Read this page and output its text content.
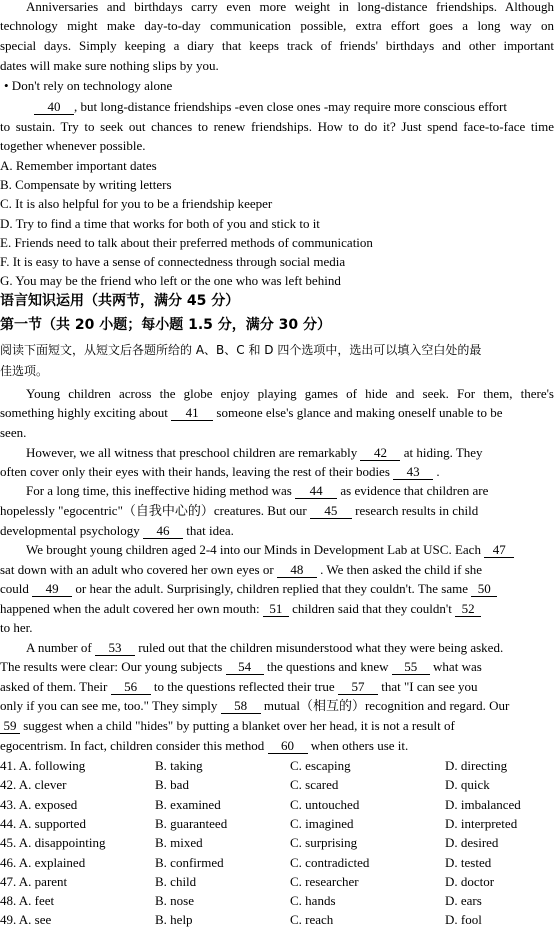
Anniversaries and birthdays carry even more weight in long-distance friendships. Although
technology might make day-to-day communication possible, extra effort goes a long way on
special days. Simply keeping a diary that keeps track of friends' birthdays and other important
dates will make sure nothing slips by you.
• Don't rely on technology alone
40 , but long-distance friendships -even close ones -may require more conscious effort
to sustain. Try to seek out chances to renew friendships. How to do it? Just spend face-to-face time
together whenever possible.
A. Remember important dates
B. Compensate by writing letters
C. It is also helpful for you to be a friendship keeper
D. Try to find a time that works for both of you and stick to it
E. Friends need to talk about their preferred methods of communication
F. It is easy to have a sense of connectedness through social media
G. You may be the friend who left or the one who was left behind
语言知识运用（共两节，满分 45 分）
第一节（共 20 小题；每小题 1.5 分，满分 30 分）
阅读下面短文，从短文后各题所给的 A、B、C 和 D 四个选项中，选出可以填入空白处的最
佳选项。
Young children across the globe enjoy playing games of hide and seek. For them, there's
something highly exciting about 41 someone else's glance and making oneself unable to be
seen.
However, we all witness that preschool children are remarkably 42 at hiding. They
often cover only their eyes with their hands, leaving the rest of their bodies 43 .
For a long time, this ineffective hiding method was 44 as evidence that children are
hopelessly "egocentric"（自我中心的）creatures. But our 45 research results in child
developmental psychology 46 that idea.
We brought young children aged 2-4 into our Minds in Development Lab at USC. Each 47
sat down with an adult who covered her own eyes or 48 . We then asked the child if she
could 49 or hear the adult. Surprisingly, children replied that they couldn't. The same 50
happened when the adult covered her own mouth: 51 children said that they couldn't 52
to her.
A number of 53 ruled out that the children misunderstood what they were being asked.
The results were clear: Our young subjects 54 the questions and knew 55 what was
asked of them. Their 56 to the questions reflected their true 57 that "I can see you
only if you can see me, too." They simply 58 mutual（相互的）recognition and regard. Our
59 suggest when a child "hides" by putting a blanket over her head, it is not a result of
egocentrism. In fact, children consider this method 60 when others use it.
41. A. following	B. taking	C. escaping	D. directing
42. A. clever	B. bad	C. scared	D. quick
43. A. exposed	B. examined	C. untouched	D. imbalanced
44. A. supported	B. guaranteed	C. imagined	D. interpreted
45. A. disappointing	B. mixed	C. surprising	D. desired
46. A. explained	B. confirmed	C. contradicted	D. tested
47. A. parent	B. child	C. researcher	D. doctor
48. A. feet	B. nose	C. hands	D. ears
49. A. see	B. help	C. reach	D. fool
